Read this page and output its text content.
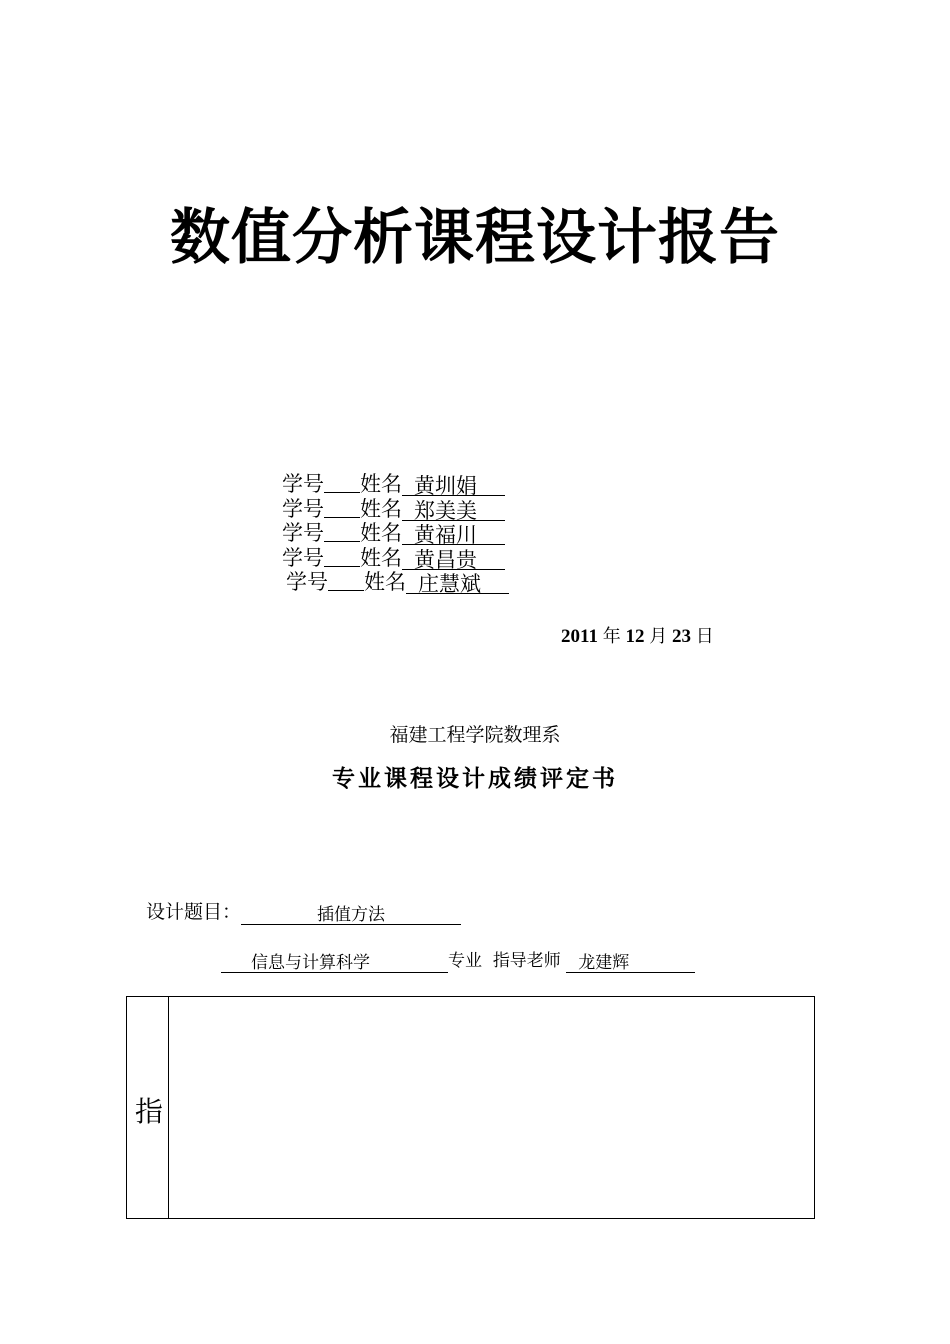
数值分析课程设计报告
学号 姓名 黄圳娟
学号 姓名 郑美美
学号 姓名 黄福川
学号 姓名 黄昌贵
学号 姓名 庄慧斌
2011 年 12 月 23 日
福建工程学院数理系
专业课程设计成绩评定书
设计题目：	插值方法
信息与计算科学	专业 指导老师 龙建辉
指
